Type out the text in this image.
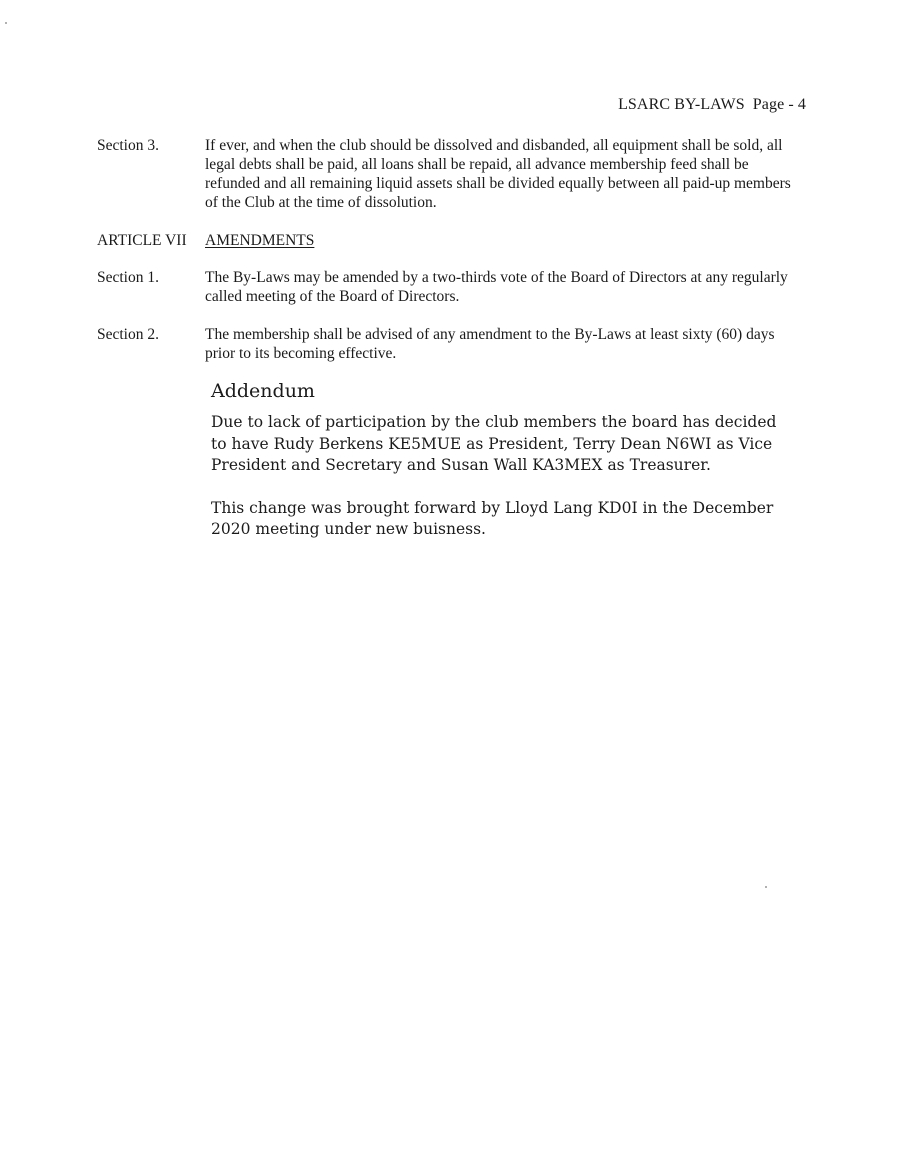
LSARC BY-LAWS Page - 4
Section 3.	If ever, and when the club should be dissolved and disbanded, all equipment shall be sold, all legal debts shall be paid, all loans shall be repaid, all advance membership feed shall be refunded and all remaining liquid assets shall be divided equally between all paid-up members of the Club at the time of dissolution.
ARTICLE VII	AMENDMENTS
Section 1.	The By-Laws may be amended by a two-thirds vote of the Board of Directors at any regularly called meeting of the Board of Directors.
Section 2.	The membership shall be advised of any amendment to the By-Laws at least sixty (60) days prior to its becoming effective.
Addendum

Due to lack of participation by the club members the board has decided to have Rudy Berkens KE5MUE as President, Terry Dean N6WI as Vice President and Secretary and Susan Wall KA3MEX as Treasurer.

This change was brought forward by Lloyd Lang KD0I in the December 2020 meeting under new buisness.
